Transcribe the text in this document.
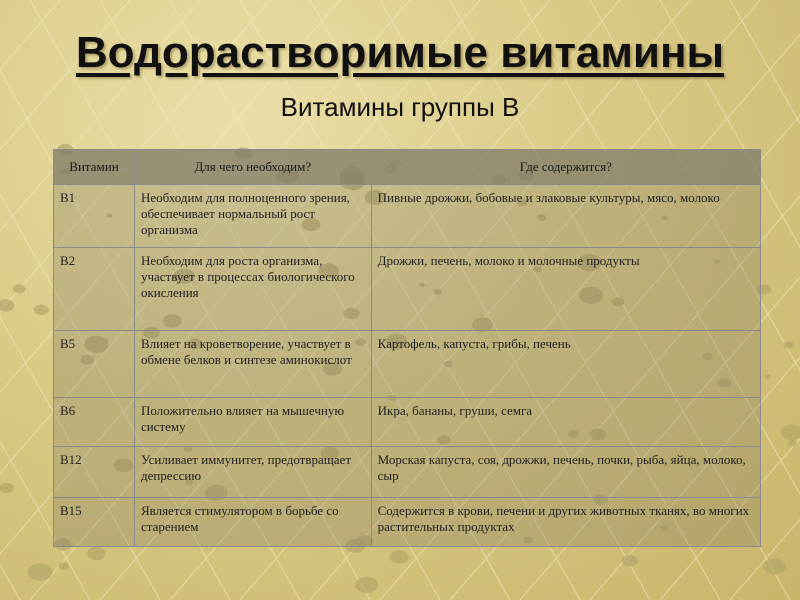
Водорастворимые витамины
Витамины группы В
Витамин	Для чего необходим?	Где содержится?
В1	Необходим для полноценного зрения, обеспечивает нормальный рост организма	Пивные дрожжи, бобовые и злаковые культуры, мясо, молоко
В2	Необходим для роста организма, участвует в процессах биологического окисления	Дрожжи, печень, молоко и молочные продукты
В5	Влияет на кроветворение, участвует в обмене белков и синтезе аминокислот	Картофель, капуста, грибы, печень
В6	Положительно влияет на мышечную систему	Икра, бананы, груши, семга
В12	Усиливает иммунитет, предотвращает депрессию	Морская капуста, соя, дрожжи, печень, почки, рыба, яйца, молоко, сыр
В15	Является стимулятором в борьбе со старением	Содержится в крови, печени и других животных тканях, во многих растительных продуктах
